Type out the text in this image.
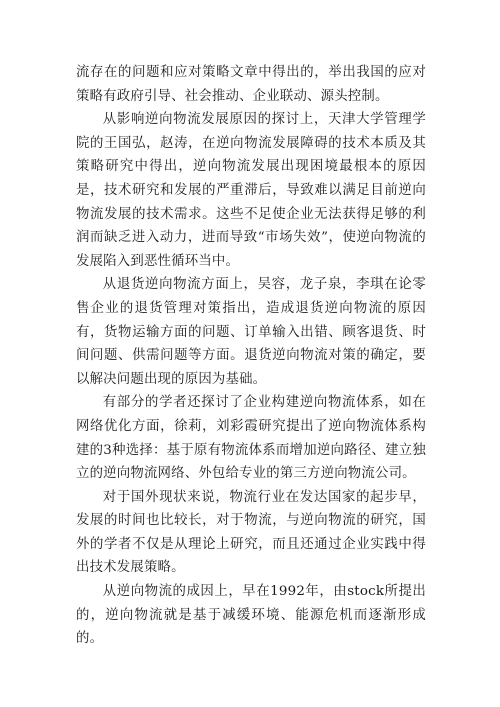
流存在的问题和应对策略文章中得出的，举出我国的应对策略有政府引导、社会推动、企业联动、源头控制。

从影响逆向物流发展原因的探讨上，天津大学管理学院的王国弘，赵涛，在逆向物流发展障碍的技术本质及其策略研究中得出，逆向物流发展出现困境最根本的原因是，技术研究和发展的严重滞后，导致难以满足目前逆向物流发展的技术需求。这些不足使企业无法获得足够的利润而缺乏进入动力，进而导致“市场失效”，使逆向物流的发展陷入到恶性循环当中。

从退货逆向物流方面上，吴容，龙子泉，李琪在论零售企业的退货管理对策指出，造成退货逆向物流的原因有，货物运输方面的问题、订单输入出错、顾客退货、时间问题、供需问题等方面。退货逆向物流对策的确定，要以解决问题出现的原因为基础。

有部分的学者还探讨了企业构建逆向物流体系，如在网络优化方面，徐莉，刘彩霞研究提出了逆向物流体系构建的3种选择：基于原有物流体系而增加逆向路径、建立独立的逆向物流网络、外包给专业的第三方逆向物流公司。

对于国外现状来说，物流行业在发达国家的起步早，发展的时间也比较长，对于物流，与逆向物流的研究，国外的学者不仅是从理论上研究，而且还通过企业实践中得出技术发展策略。

从逆向物流的成因上，早在1992年，由stock所提出的，逆向物流就是基于减缓环境、能源危机而逐渐形成的。
